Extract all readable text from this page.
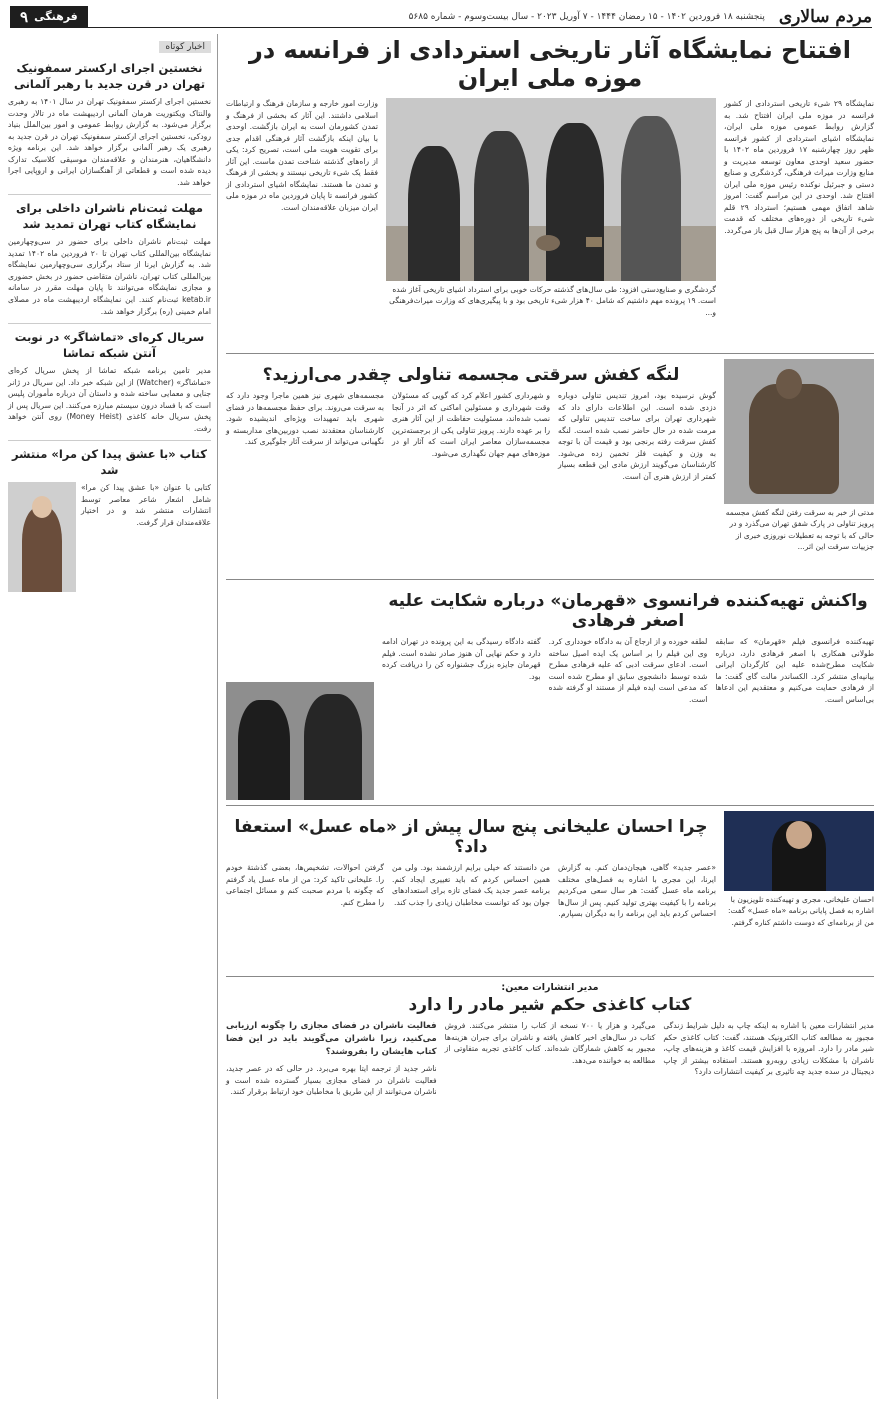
مردم سالاری
پنجشنبه ۱۸ فروردین ۱۴۰۲ - ۱۵ رمضان ۱۴۴۴ - ۷ آوریل ۲۰۲۳ - سال بیست‌وسوم - شماره ۵۶۸۵
فرهنگی
۹
اخبار کوتاه
نخستین اجرای ارکستر سمفونیک تهران در قرن جدید با رهبر آلمانی
نخستین اجرای ارکستر سمفونیک تهران در سال ۱۴۰۱ به رهبری والنتاک ویکتوریت هرمان آلمانی اردیبهشت ماه در تالار وحدت برگزار می‌شود. به گزارش روابط عمومی و امور بین‌الملل بنیاد رودکی، نخستین اجرای ارکستر سمفونیک تهران در قرن جدید به رهبری یک رهبر آلمانی برگزار خواهد شد. این برنامه ویژه دانشگاهیان، هنرمندان و علاقه‌مندان موسیقی کلاسیک تدارک دیده شده است و قطعاتی از آهنگسازان ایرانی و اروپایی اجرا خواهد شد.
مهلت ثبت‌نام ناشران داخلی برای نمایشگاه کتاب تهران تمدید شد
مهلت ثبت‌نام ناشران داخلی برای حضور در سی‌وچهارمین نمایشگاه بین‌المللی کتاب تهران تا ۲۰ فروردین ماه ۱۴۰۲ تمدید شد. به گزارش ایرنا از ستاد برگزاری سی‌وچهارمین نمایشگاه بین‌المللی کتاب تهران، ناشران متقاضی حضور در بخش حضوری و مجازی نمایشگاه می‌توانند تا پایان مهلت مقرر در سامانه ketab.ir ثبت‌نام کنند. این نمایشگاه اردیبهشت ماه در مصلای امام خمینی (ره) برگزار خواهد شد.
سریال کره‌ای «تماشاگر» در نوبت آنتن شبکه تماشا
مدیر تامین برنامه شبکه تماشا از پخش سریال کره‌ای «تماشاگر» (Watcher) از این شبکه خبر داد. این سریال در ژانر جنایی و معمایی ساخته شده و داستان آن درباره مأموران پلیس است که با فساد درون سیستم مبارزه می‌کنند. این سریال پس از پخش سریال خانه کاغذی (Money Heist) روی آنتن خواهد رفت.
کتاب «با عشق پیدا کن مرا» منتشر شد
کتابی با عنوان «با عشق پیدا کن مرا» شامل اشعار شاعر معاصر توسط انتشارات منتشر شد و در اختیار علاقه‌مندان قرار گرفت.
افتتاح نمایشگاه آثار تاریخی استردادی از فرانسه در موزه ملی ایران
نمایشگاه ۲۹ شیء تاریخی استردادی از کشور فرانسه در موزه ملی ایران افتتاح شد. به گزارش روابط عمومی موزه ملی ایران، نمایشگاه اشیای استردادی از کشور فرانسه ظهر روز چهارشنبه ۱۷ فروردین ماه ۱۴۰۲ با حضور سعید اوحدی معاون توسعه مدیریت و منابع وزارت میراث فرهنگی، گردشگری و صنایع دستی و جبرئیل نوکنده رئیس موزه ملی ایران افتتاح شد. اوحدی در این مراسم گفت: امروز شاهد اتفاق مهمی هستیم؛ استرداد ۲۹ قلم شیء تاریخی از دوره‌های مختلف که قدمت برخی از آن‌ها به پنج هزار سال قبل باز می‌گردد.
گردشگری و صنایع‌دستی افزود: طی سال‌های گذشته حرکات خوبی برای استرداد اشیای تاریخی آغاز شده است. ۱۹ پرونده مهم داشتیم که شامل ۴۰ هزار شیء تاریخی بود و با پیگیری‌های که وزارت میراث‌فرهنگی و...
وزارت امور خارجه و سازمان فرهنگ و ارتباطات اسلامی داشتند. این آثار که بخشی از فرهنگ و تمدن کشورمان است به ایران بازگشت. اوحدی با بیان اینکه بازگشت آثار فرهنگی اقدام جدی برای تقویت هویت ملی است، تصریح کرد: یکی از راه‌های گذشته شناخت تمدن ماست. این آثار فقط یک شیء تاریخی نیستند و بخشی از فرهنگ و تمدن ما هستند. نمایشگاه اشیای استردادی از کشور فرانسه تا پایان فروردین ماه در موزه ملی ایران میزبان علاقه‌مندان است.
مدتی از خبر به سرقت رفتن لنگه کفش مجسمه پرویز تناولی در پارک شفق تهران می‌گذرد و در حالی که با توجه به تعطیلات نوروزی خبری از جزییات سرقت این اثر...
لنگه کفش سرقتی مجسمه تناولی چقدر می‌ارزید؟
گوش نرسیده بود، امروز تندیس تناولی دوباره دزدی شده است. این اطلاعات دارای داد که شهرداری تهران برای ساخت تندیس تناولی که مرمت شده در حال حاضر نصب شده است. لنگه کفش سرقت رفته برنجی بود و قیمت آن با توجه به وزن و کیفیت فلز تخمین زده می‌شود. کارشناسان می‌گویند ارزش مادی این قطعه بسیار کمتر از ارزش هنری آن است.
و شهرداری کشور اعلام کرد که گویی که مسئولان وقت شهرداری و مسئولین اماکنی که اثر در آنجا نصب شده‌اند، مسئولیت حفاظت از این آثار هنری را بر عهده دارند. پرویز تناولی یکی از برجسته‌ترین مجسمه‌سازان معاصر ایران است که آثار او در موزه‌های مهم جهان نگهداری می‌شود.
مجسمه‌های شهری نیز همین ماجرا وجود دارد که به سرقت می‌روند. برای حفظ مجسمه‌ها در فضای شهری باید تمهیدات ویژه‌ای اندیشیده شود. کارشناسان معتقدند نصب دوربین‌های مداربسته و نگهبانی می‌تواند از سرقت آثار جلوگیری کند.
واکنش تهیه‌کننده فرانسوی «قهرمان» درباره شکایت علیه اصغر فرهادی
تهیه‌کننده فرانسوی فیلم «قهرمان» که سابقه طولانی همکاری با اصغر فرهادی دارد، درباره شکایت مطرح‌شده علیه این کارگردان ایرانی بیانیه‌ای منتشر کرد. الکساندر مالت گای گفت: ما از فرهادی حمایت می‌کنیم و معتقدیم این ادعاها بی‌اساس است.
لطفه خورده و از ارجاع آن به دادگاه خودداری کرد. وی این فیلم را بر اساس یک ایده اصیل ساخته است. ادعای سرقت ادبی که علیه فرهادی مطرح شده توسط دانشجوی سابق او مطرح شده است که مدعی است ایده فیلم از مستند او گرفته شده است.
گفته دادگاه رسیدگی به این پرونده در تهران ادامه دارد و حکم نهایی آن هنوز صادر نشده است. فیلم قهرمان جایزه بزرگ جشنواره کن را دریافت کرده بود.
احسان علیخانی، مجری و تهیه‌کننده تلویزیون با اشاره به فصل پایانی برنامه «ماه عسل» گفت: من از برنامه‌ای که دوست داشتم کناره گرفتم.
چرا احسان علیخانی پنج سال پیش از «ماه عسل» استعفا داد؟
«عصر جدید» گاهی، هیجان‌دمان کنم. به گزارش ایرنا، این مجری با اشاره به فصل‌های مختلف برنامه ماه عسل گفت: هر سال سعی می‌کردیم برنامه را با کیفیت بهتری تولید کنیم. پس از سال‌ها احساس کردم باید این برنامه را به دیگران بسپارم.
من دانستند که خیلی برایم ارزشمند بود. ولی من همین احساس کردم که باید تغییری ایجاد کنم. برنامه عصر جدید یک فضای تازه برای استعدادهای جوان بود که توانست مخاطبان زیادی را جذب کند.
گرفتن احوالات، تشخیص‌ها، بعضی گذشتهٔ خودم را. علیخانی تاکید کرد: من از ماه عسل یاد گرفتم که چگونه با مردم صحبت کنم و مسائل اجتماعی را مطرح کنم.
مدیر انتشارات معین:
کتاب کاغذی حکم شیر مادر را دارد
مدیر انتشارات معین با اشاره به اینکه چاپ به دلیل شرایط زندگی مجبور به مطالعه کتاب الکترونیک هستند، گفت: کتاب کاغذی حکم شیر مادر را دارد. امروزه با افزایش قیمت کاغذ و هزینه‌های چاپ، ناشران با مشکلات زیادی روبه‌رو هستند. استفاده بیشتر از چاپ دیجیتال در سده جدید چه تاثیری بر کیفیت انتشارات دارد؟
می‌گیرد و هزار یا ۷۰۰ نسخه از کتاب را منتشر می‌کنند. فروش کتاب در سال‌های اخیر کاهش یافته و ناشران برای جبران هزینه‌ها مجبور به کاهش شمارگان شده‌اند. کتاب کاغذی تجربه متفاوتی از مطالعه به خواننده می‌دهد.
فعالیت ناشران در فضای مجازی را چگونه ارزیابی می‌کنید، زیرا ناشران می‌گویند باید در این فضا کتاب هایشان را بفروشند؟
ناشر جدید از ترجمه ایتا بهره می‌برد. در حالی که در عصر جدید، فعالیت ناشران در فضای مجازی بسیار گسترده شده است و ناشران می‌توانند از این طریق با مخاطبان خود ارتباط برقرار کنند.
